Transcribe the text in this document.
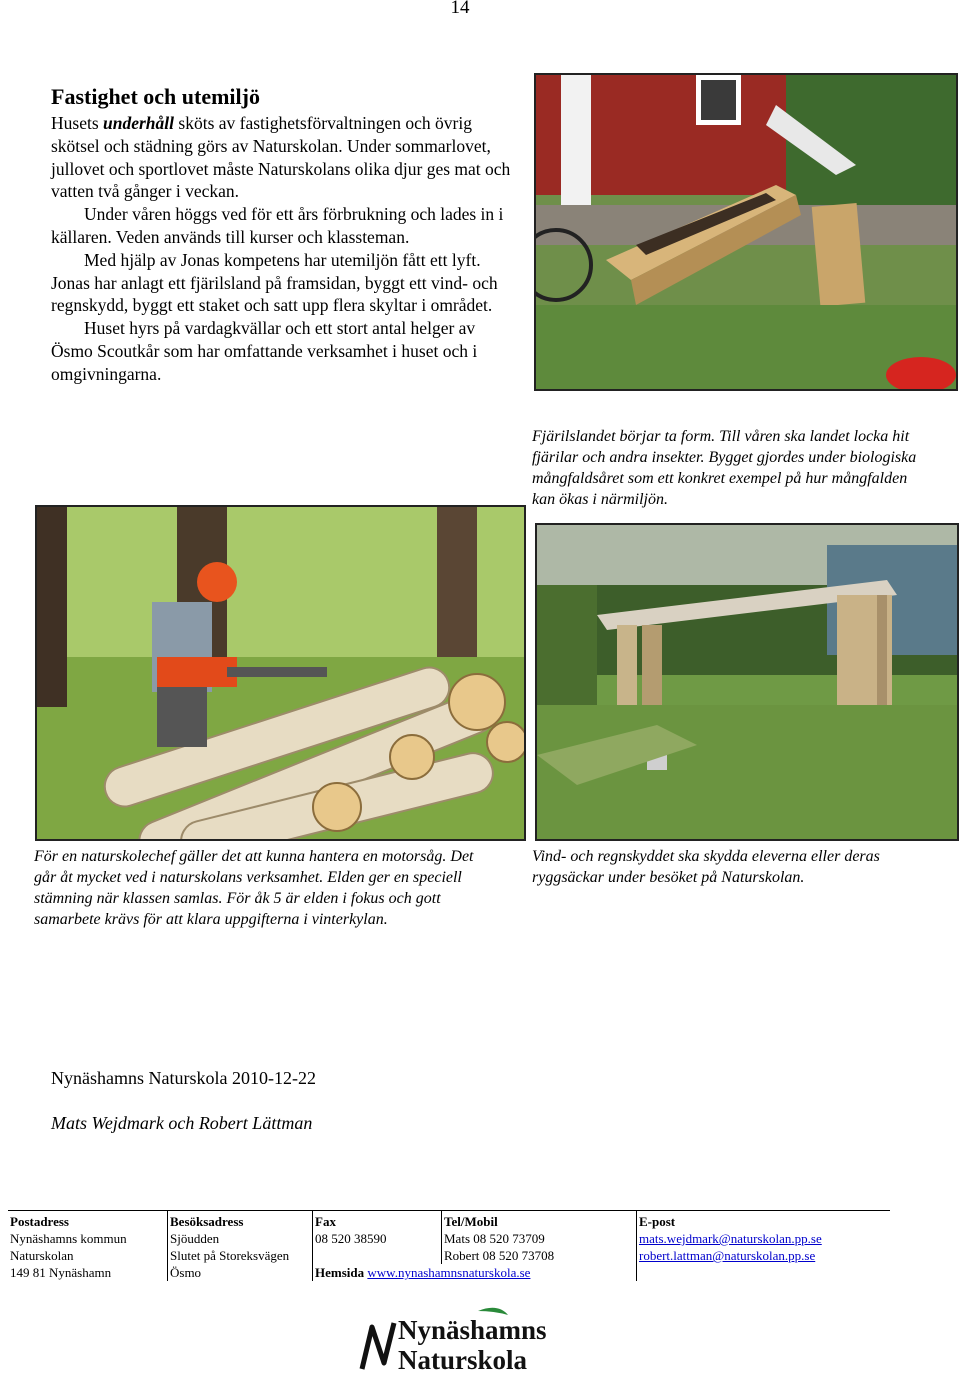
14
Fastighet och utemiljö

Husets underhåll sköts av fastighetsförvaltningen och övrig skötsel och städning görs av Naturskolan. Under sommarlovet, jullovet och sportlovet måste Naturskolans olika djur ges mat och vatten två gånger i veckan.

Under våren höggs ved för ett års förbrukning och lades in i källaren. Veden används till kurser och klassteman.

Med hjälp av Jonas kompetens har utemiljön fått ett lyft. Jonas har anlagt ett fjärilsland på framsidan, byggt ett vind- och regnskydd, byggt ett staket och satt upp flera skyltar i området.

Huset hyrs på vardagkvällar och ett stort antal helger av Ösmo Scoutkår som har omfattande verksamhet i huset och i omgivningarna.

Fjärilslandet börjar ta form. Till våren ska landet locka hit fjärilar och andra insekter. Bygget gjordes under biologiska mångfaldsåret som ett konkret exempel på hur mångfalden kan ökas i närmiljön.
För en naturskolechef gäller det att kunna hantera en motorsåg. Det går åt mycket ved i naturskolans verksamhet. Elden ger en speciell stämning när klassen samlas. För åk 5 är elden i fokus och gott samarbete krävs för att klara uppgifterna i vinterkylan.
Vind- och regnskyddet ska skydda eleverna eller deras ryggsäckar under besöket på Naturskolan.
Nynäshamns Naturskola 2010-12-22
Mats Wejdmark och Robert Lättman
Postadress	Besöksadress	Fax	Tel/Mobil	E-post
Nynäshamns kommun	Sjöudden	08 520 38590	Mats 08 520 73709	mats.wejdmark@naturskolan.pp.se
Naturskolan	Slutet på Storeksvägen		Robert 08 520 73708	robert.lattman@naturskolan.pp.se
149 81 Nynäshamn	Ösmo	Hemsida www.nynashamnsnaturskola.se		
Nynäshamns
Naturskola
